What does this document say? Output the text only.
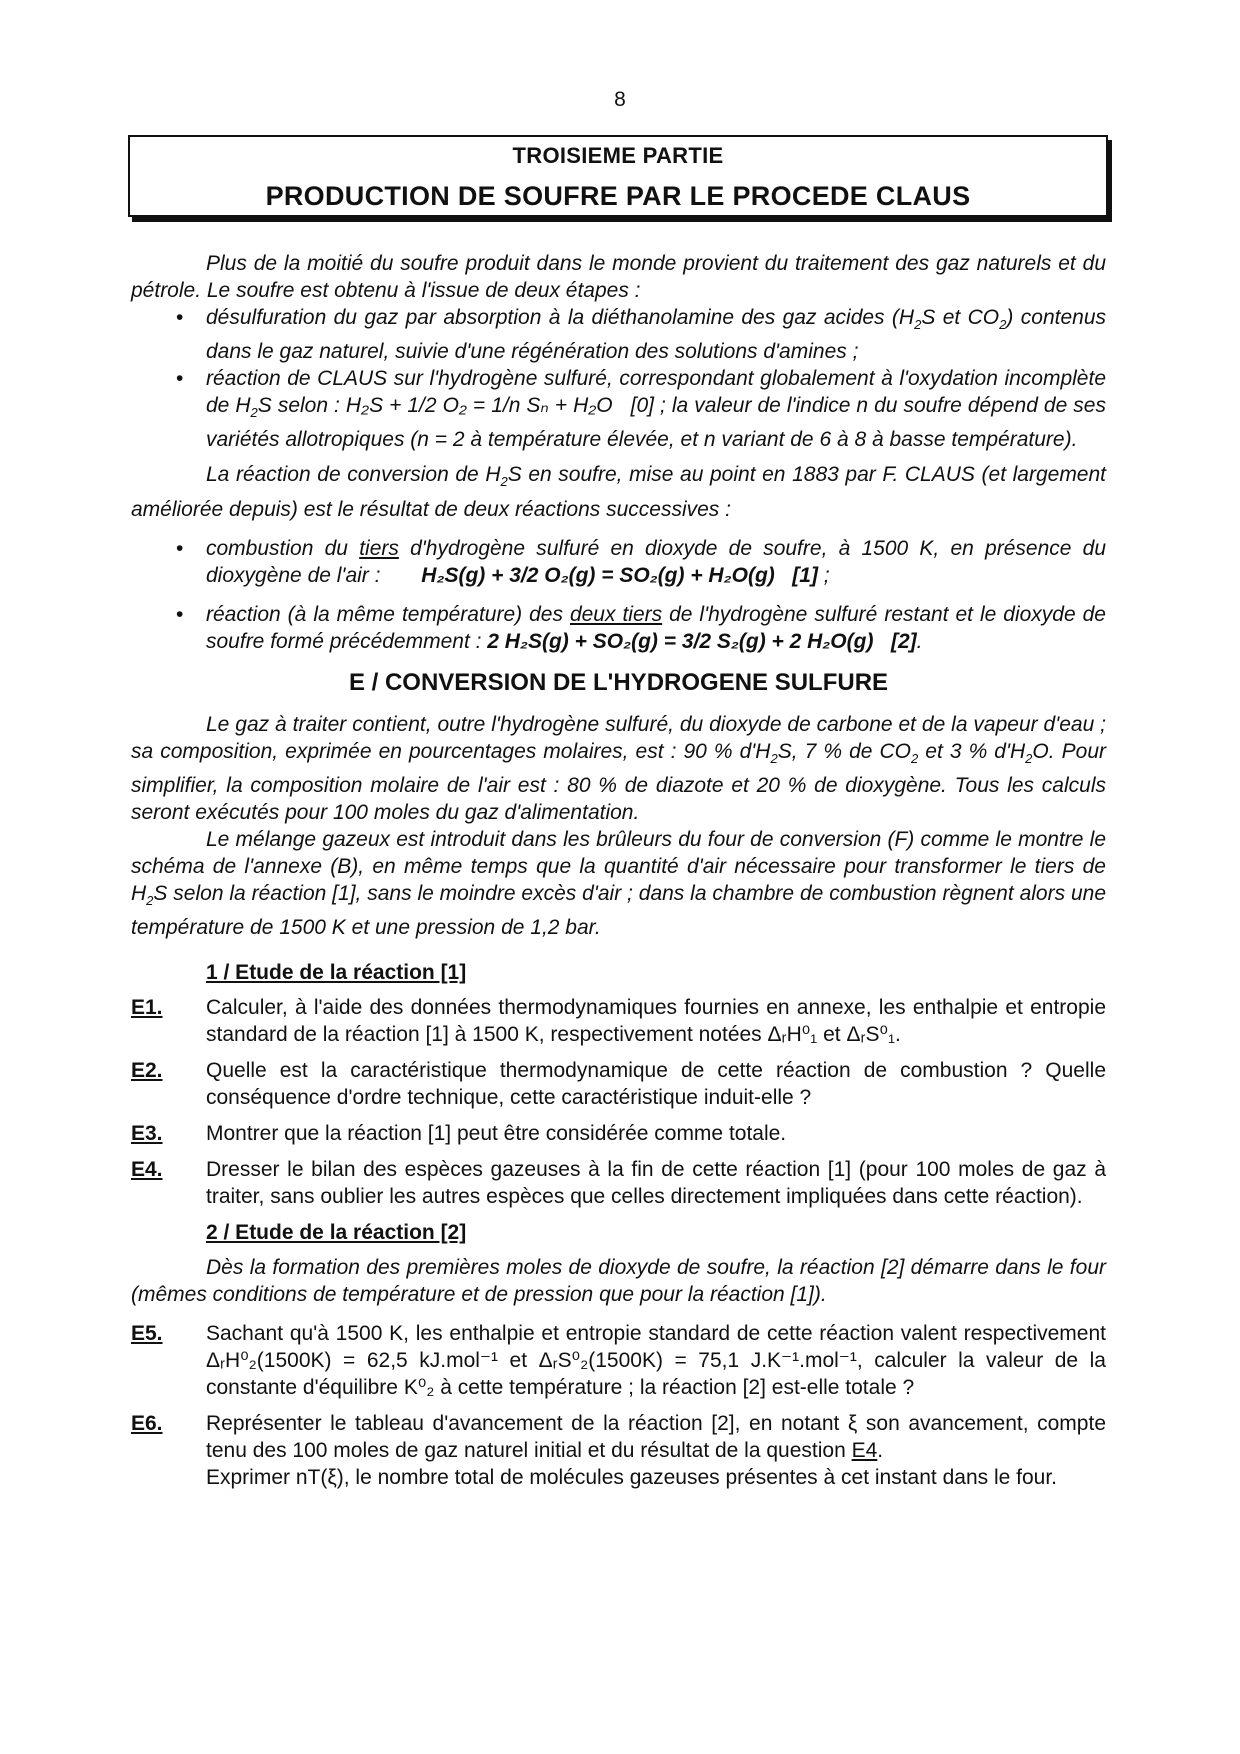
8
TROISIEME PARTIE
PRODUCTION DE SOUFRE PAR LE PROCEDE CLAUS

Plus de la moitié du soufre produit dans le monde provient du traitement des gaz naturels et du pétrole. Le soufre est obtenu à l'issue de deux étapes :

• désulfuration du gaz par absorption à la diéthanolamine des gaz acides ($H_2S$ et $CO_2$) contenus dans le gaz naturel, suivie d'une régénération des solutions d'amines ;
• réaction de CLAUS sur l'hydrogène sulfuré, correspondant globalement à l'oxydation incomplète de $H_2S$ selon : H₂S + 1/2 O₂ = 1/n Sₙ + H₂O [0] ; la valeur de l'indice n du soufre dépend de ses variétés allotropiques (n = 2 à température élevée, et n variant de 6 à 8 à basse température).

La réaction de conversion de $H_2S$ en soufre, mise au point en 1883 par F. CLAUS (et largement améliorée depuis) est le résultat de deux réactions successives :

• combustion du tiers d'hydrogène sulfuré en dioxyde de soufre, à 1500 K, en présence du dioxygène de l'air : H₂S(g) + 3/2 O₂(g) = SO₂(g) + H₂O(g) [1] ;
• réaction (à la même température) des deux tiers de l'hydrogène sulfuré restant et le dioxyde de soufre formé précédemment : 2 H₂S(g) + SO₂(g) = 3/2 S₂(g) + 2 H₂O(g) [2].
E / CONVERSION DE L'HYDROGENE SULFURE

Le gaz à traiter contient, outre l'hydrogène sulfuré, du dioxyde de carbone et de la vapeur d'eau ; sa composition, exprimée en pourcentages molaires, est : 90 % $d'H_2S$, 7 % de $CO_2$ et 3 % $d'H_2O$. Pour simplifier, la composition molaire de l'air est : 80 % de diazote et 20 % de dioxygène. Tous les calculs seront exécutés pour 100 moles du gaz d'alimentation.

Le mélange gazeux est introduit dans les brûleurs du four de conversion (F) comme le montre le schéma de l'annexe (B), en même temps que la quantité d'air nécessaire pour transformer le tiers de $H_2S$ selon la réaction [1], sans le moindre excès d'air ; dans la chambre de combustion règnent alors une température de 1500 K et une pression de 1,2 bar.

1 / Etude de la réaction [1]
E1. Calculer, à l'aide des données thermodynamiques fournies en annexe, les enthalpie et entropie standard de la réaction [1] à 1500 K, respectivement notées ΔᵣH⁰₁ et ΔᵣS⁰₁.
E2. Quelle est la caractéristique thermodynamique de cette réaction de combustion ? Quelle conséquence d'ordre technique, cette caractéristique induit-elle ?
E3. Montrer que la réaction [1] peut être considérée comme totale.
E4. Dresser le bilan des espèces gazeuses à la fin de cette réaction [1] (pour 100 moles de gaz à traiter, sans oublier les autres espèces que celles directement impliquées dans cette réaction).
2 / Etude de la réaction [2]

Dès la formation des premières moles de dioxyde de soufre, la réaction [2] démarre dans le four (mêmes conditions de température et de pression que pour la réaction [1]).

E5. Sachant qu'à 1500 K, les enthalpie et entropie standard de cette réaction valent respectivement ΔᵣH⁰₂(1500K) = 62,5 kJ.mol⁻¹ et ΔᵣS⁰₂(1500K) = 75,1 J.K⁻¹.mol⁻¹, calculer la valeur de la constante d'équilibre K⁰₂ à cette température ; la réaction [2] est-elle totale ?
E6. Représenter le tableau d'avancement de la réaction [2], en notant ξ son avancement, compte tenu des 100 moles de gaz naturel initial et du résultat de la question E4.
Exprimer nT(ξ), le nombre total de molécules gazeuses présentes à cet instant dans le four.
